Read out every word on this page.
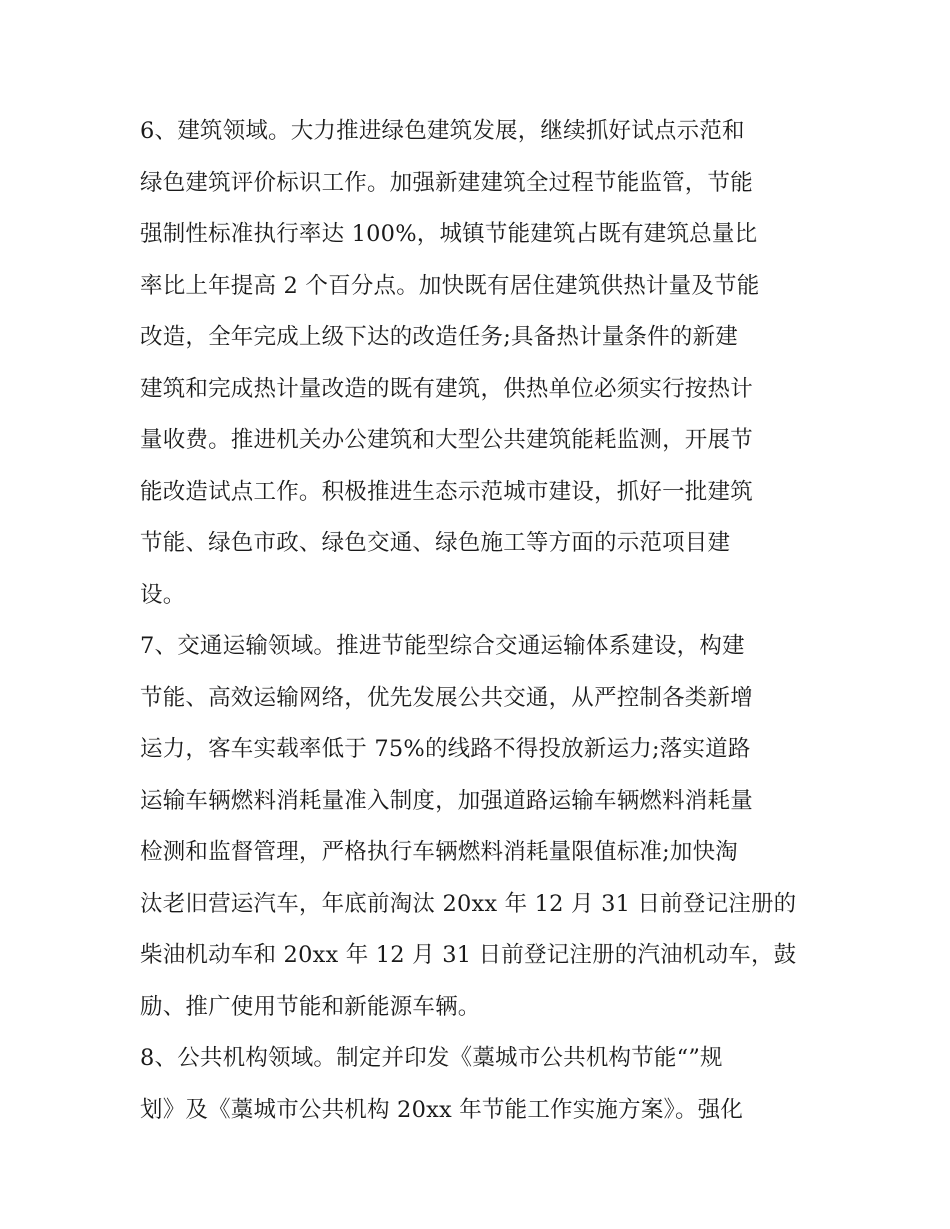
6、建筑领域。大力推进绿色建筑发展，继续抓好试点示范和
绿色建筑评价标识工作。加强新建建筑全过程节能监管，节能
强制性标准执行率达 100%，城镇节能建筑占既有建筑总量比
率比上年提高 2 个百分点。加快既有居住建筑供热计量及节能
改造，全年完成上级下达的改造任务;具备热计量条件的新建
建筑和完成热计量改造的既有建筑，供热单位必须实行按热计
量收费。推进机关办公建筑和大型公共建筑能耗监测，开展节
能改造试点工作。积极推进生态示范城市建设，抓好一批建筑
节能、绿色市政、绿色交通、绿色施工等方面的示范项目建
设。
7、交通运输领域。推进节能型综合交通运输体系建设，构建
节能、高效运输网络，优先发展公共交通，从严控制各类新增
运力，客车实载率低于 75%的线路不得投放新运力;落实道路
运输车辆燃料消耗量准入制度，加强道路运输车辆燃料消耗量
检测和监督管理，严格执行车辆燃料消耗量限值标准;加快淘
汰老旧营运汽车，年底前淘汰 20xx 年 12 月 31 日前登记注册的
柴油机动车和 20xx 年 12 月 31 日前登记注册的汽油机动车，鼓
励、推广使用节能和新能源车辆。
8、公共机构领域。制定并印发《藁城市公共机构节能“”规
划》及《藁城市公共机构 20xx 年节能工作实施方案》。强化
